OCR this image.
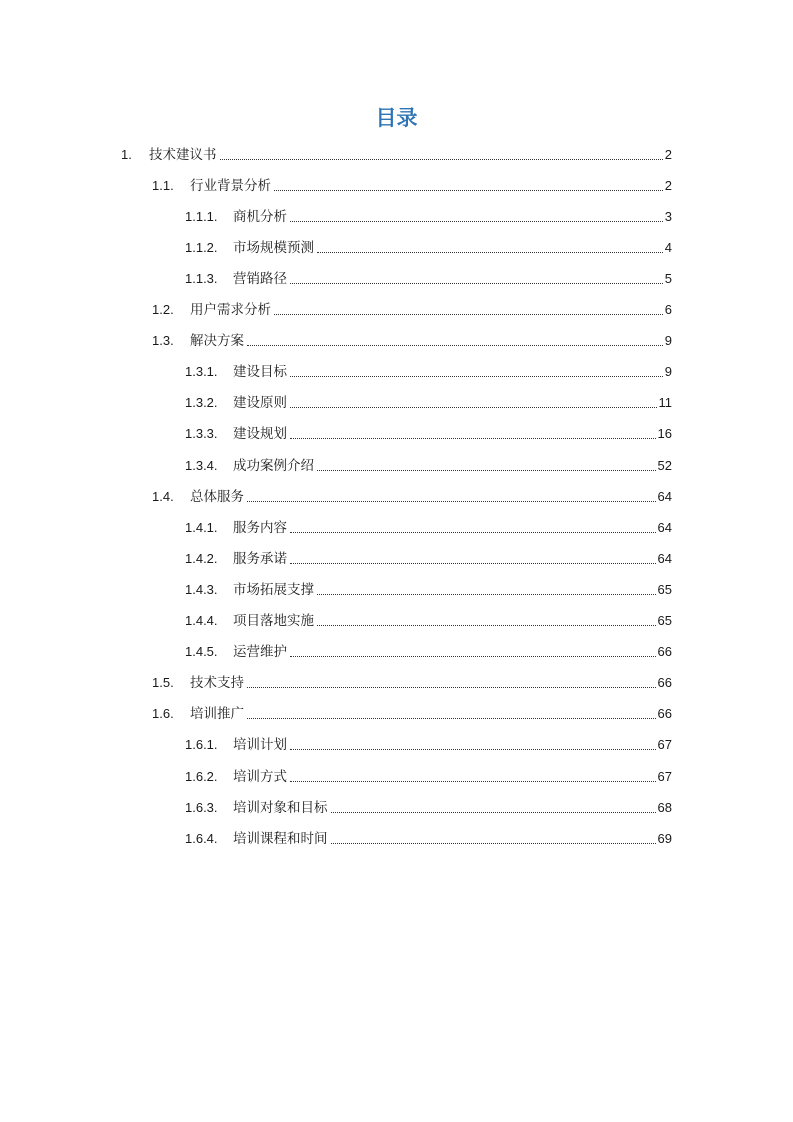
目录
1.	技术建议书	2
1.1.	行业背景分析	2
1.1.1.	商机分析	3
1.1.2.	市场规模预测	4
1.1.3.	营销路径	5
1.2.	用户需求分析	6
1.3.	解决方案	9
1.3.1.	建设目标	9
1.3.2.	建设原则	11
1.3.3.	建设规划	16
1.3.4.	成功案例介绍	52
1.4.	总体服务	64
1.4.1.	服务内容	64
1.4.2.	服务承诺	64
1.4.3.	市场拓展支撑	65
1.4.4.	项目落地实施	65
1.4.5.	运营维护	66
1.5.	技术支持	66
1.6.	培训推广	66
1.6.1.	培训计划	67
1.6.2.	培训方式	67
1.6.3.	培训对象和目标	68
1.6.4.	培训课程和时间	69
